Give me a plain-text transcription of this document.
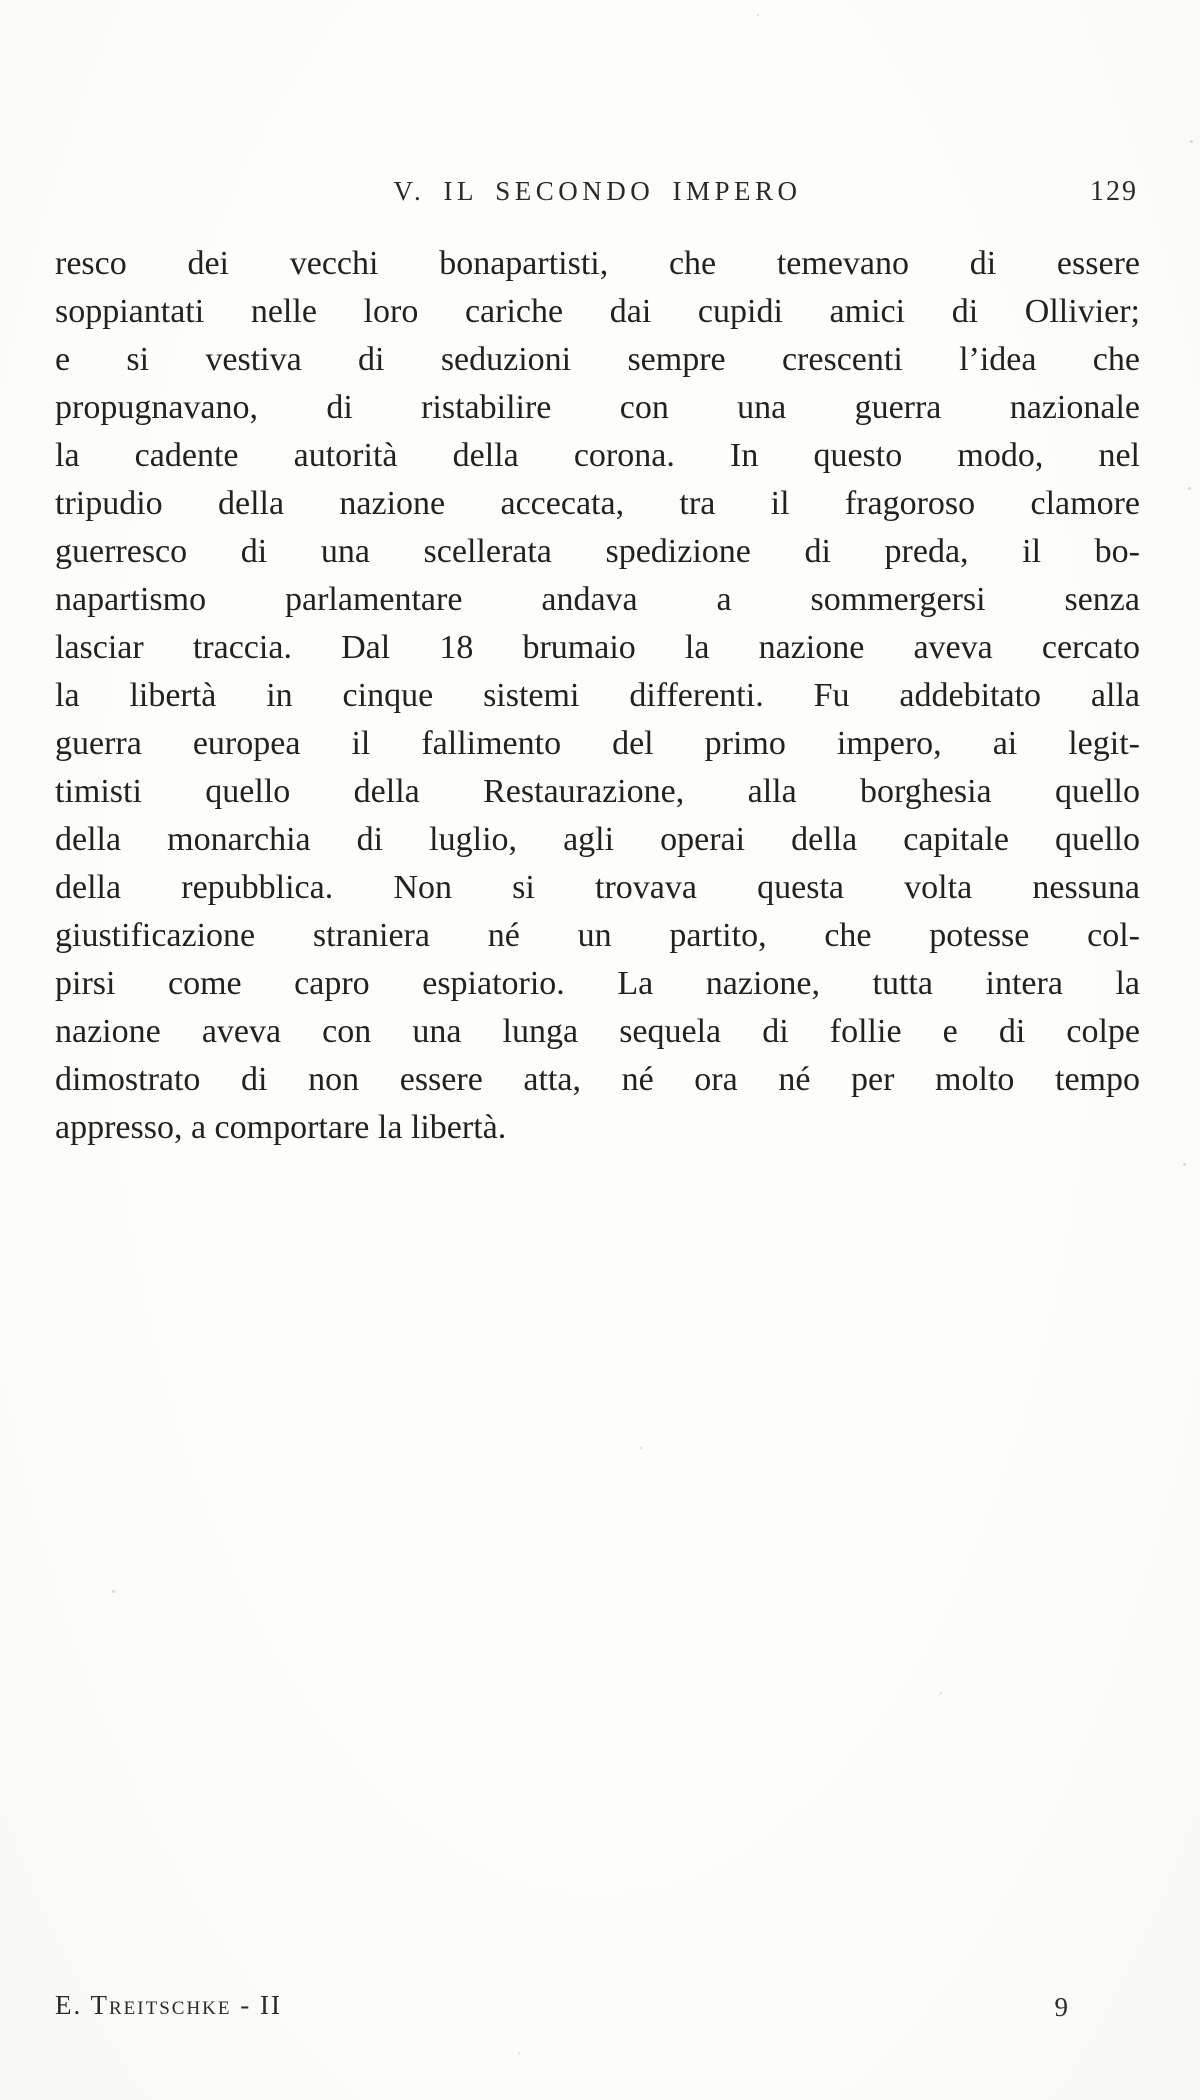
V. IL SECONDO IMPERO	129
resco dei vecchi bonapartisti, che temevano di essere
soppiantati nelle loro cariche dai cupidi amici di Ollivier;
e si vestiva di seduzioni sempre crescenti l’idea che
propugnavano, di ristabilire con una guerra nazionale
la cadente autorità della corona. In questo modo, nel
tripudio della nazione accecata, tra il fragoroso clamore
guerresco di una scellerata spedizione di preda, il bo-
napartismo parlamentare andava a sommergersi senza
lasciar traccia. Dal 18 brumaio la nazione aveva cercato
la libertà in cinque sistemi differenti. Fu addebitato alla
guerra europea il fallimento del primo impero, ai legit-
timisti quello della Restaurazione, alla borghesia quello
della monarchia di luglio, agli operai della capitale quello
della repubblica. Non si trovava questa volta nessuna
giustificazione straniera né un partito, che potesse col-
pirsi come capro espiatorio. La nazione, tutta intera la
nazione aveva con una lunga sequela di follie e di colpe
dimostrato di non essere atta, né ora né per molto tempo
appresso, a comportare la libertà.
E. Treitschke - II	9
